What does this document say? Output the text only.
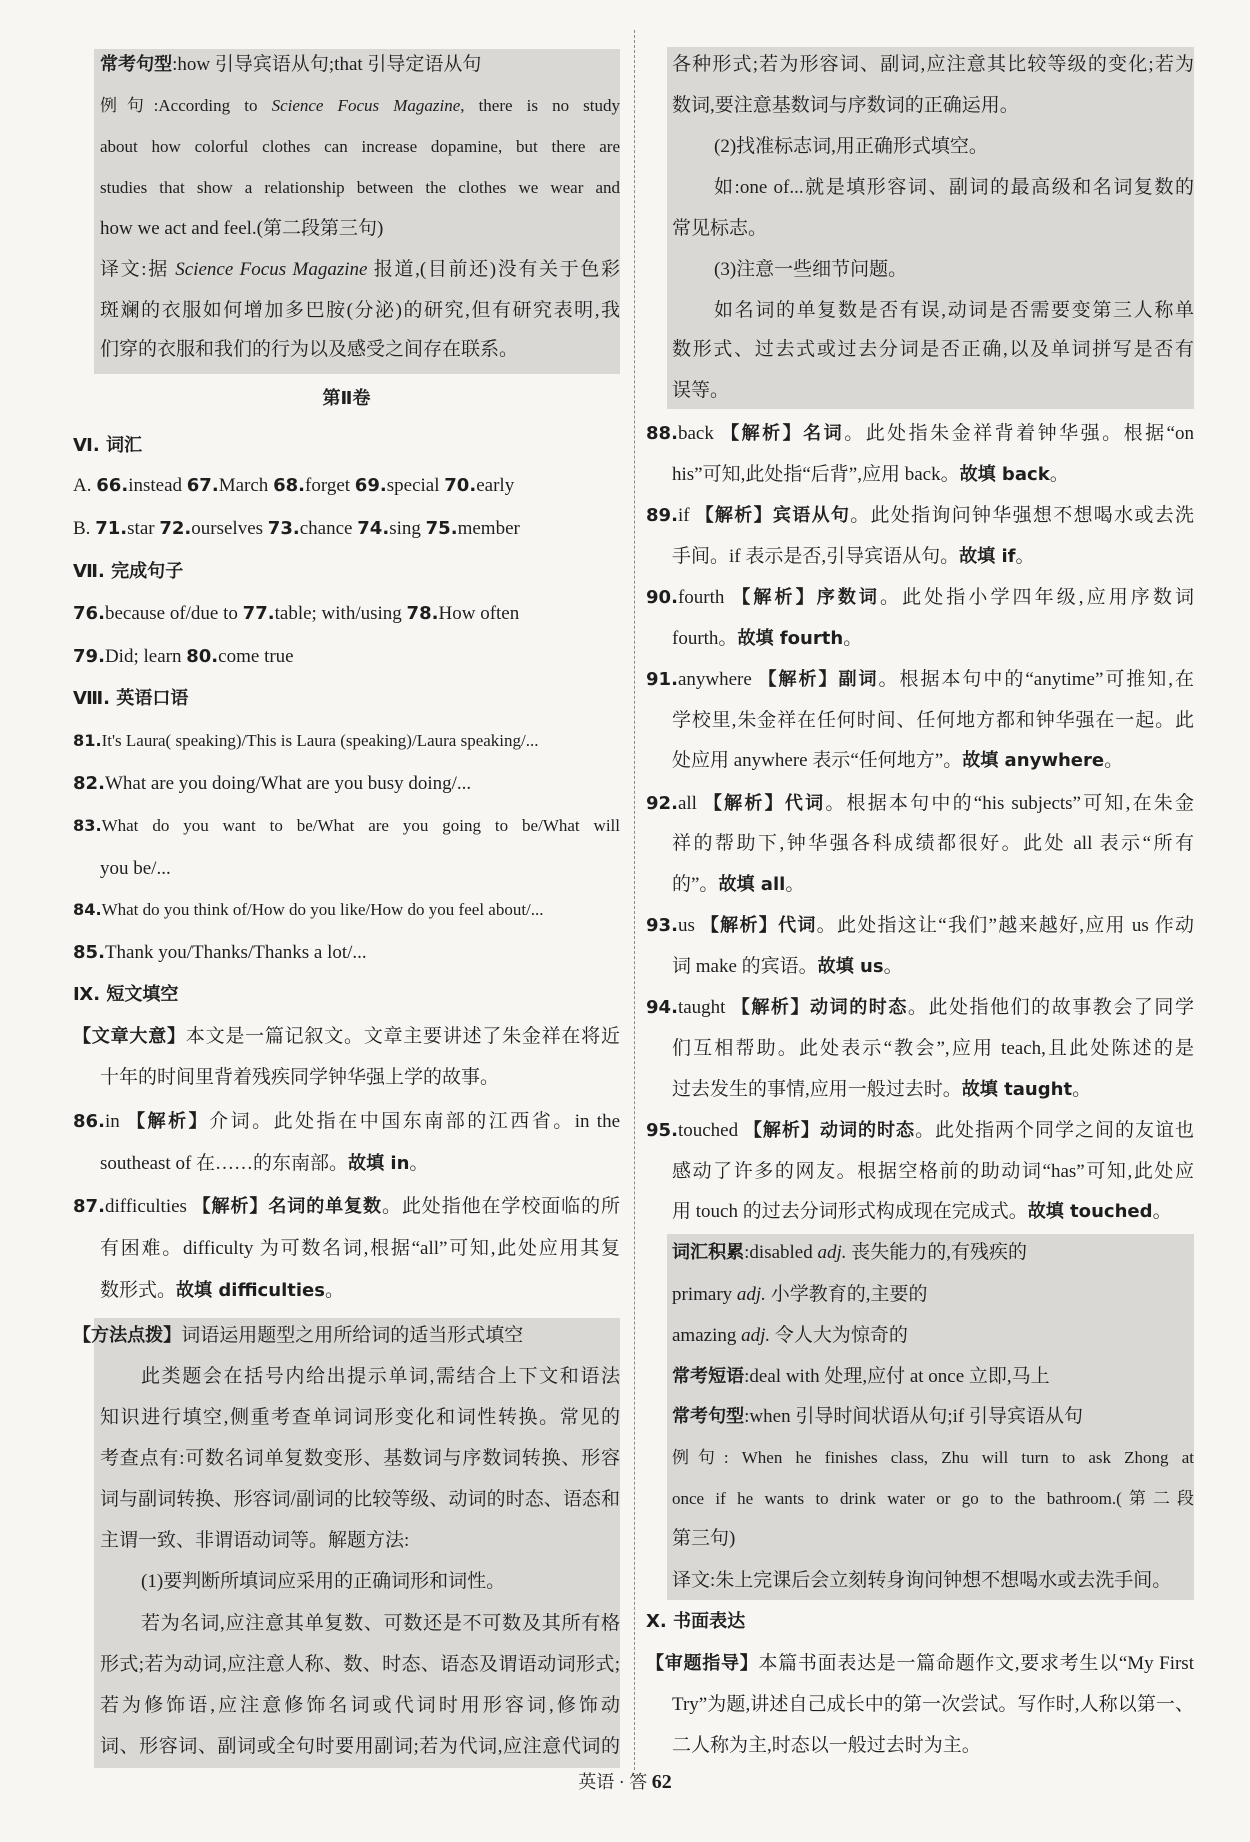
常考句型:how 引导宾语从句;that 引导定语从句
例句:According to Science Focus Magazine, there is no study
about how colorful clothes can increase dopamine, but there are
studies that show a relationship between the clothes we wear and
how we act and feel.(第二段第三句)
译文:据 Science Focus Magazine 报道,(目前还)没有关于色彩
斑斓的衣服如何增加多巴胺(分泌)的研究,但有研究表明,我
们穿的衣服和我们的行为以及感受之间存在联系。
第Ⅱ卷
Ⅵ. 词汇
A. 66.instead 67.March 68.forget 69.special 70.early
B. 71.star 72.ourselves 73.chance 74.sing 75.member
Ⅶ. 完成句子
76.because of/due to 77.table; with/using 78.How often
79.Did; learn 80.come true
Ⅷ. 英语口语
81.It's Laura( speaking)/This is Laura (speaking)/Laura speaking/...
82.What are you doing/What are you busy doing/...
83.What do you want to be/What are you going to be/What will
you be/...
84.What do you think of/How do you like/How do you feel about/...
85.Thank you/Thanks/Thanks a lot/...
Ⅸ. 短文填空
【文章大意】本文是一篇记叙文。文章主要讲述了朱金祥在将近
十年的时间里背着残疾同学钟华强上学的故事。
86.in 【解析】介词。此处指在中国东南部的江西省。in the
southeast of 在……的东南部。故填 in。
87.difficulties 【解析】名词的单复数。此处指他在学校面临的所
有困难。difficulty 为可数名词,根据“all”可知,此处应用其复
数形式。故填 difficulties。
【方法点拨】词语运用题型之用所给词的适当形式填空
此类题会在括号内给出提示单词,需结合上下文和语法
知识进行填空,侧重考查单词词形变化和词性转换。常见的
考查点有:可数名词单复数变形、基数词与序数词转换、形容
词与副词转换、形容词/副词的比较等级、动词的时态、语态和
主谓一致、非谓语动词等。解题方法:
(1)要判断所填词应采用的正确词形和词性。
若为名词,应注意其单复数、可数还是不可数及其所有格
形式;若为动词,应注意人称、数、时态、语态及谓语动词形式;
若为修饰语,应注意修饰名词或代词时用形容词,修饰动
词、形容词、副词或全句时要用副词;若为代词,应注意代词的
各种形式;若为形容词、副词,应注意其比较等级的变化;若为
数词,要注意基数词与序数词的正确运用。
(2)找准标志词,用正确形式填空。
如:one of...就是填形容词、副词的最高级和名词复数的
常见标志。
(3)注意一些细节问题。
如名词的单复数是否有误,动词是否需要变第三人称单
数形式、过去式或过去分词是否正确,以及单词拼写是否有
误等。
88.back 【解析】名词。此处指朱金祥背着钟华强。根据“on
his”可知,此处指“后背”,应用 back。故填 back。
89.if 【解析】宾语从句。此处指询问钟华强想不想喝水或去洗
手间。if 表示是否,引导宾语从句。故填 if。
90.fourth 【解析】序数词。此处指小学四年级,应用序数词
fourth。故填 fourth。
91.anywhere 【解析】副词。根据本句中的“anytime”可推知,在
学校里,朱金祥在任何时间、任何地方都和钟华强在一起。此
处应用 anywhere 表示“任何地方”。故填 anywhere。
92.all 【解析】代词。根据本句中的“his subjects”可知,在朱金
祥的帮助下,钟华强各科成绩都很好。此处 all 表示“所有
的”。故填 all。
93.us 【解析】代词。此处指这让“我们”越来越好,应用 us 作动
词 make 的宾语。故填 us。
94.taught 【解析】动词的时态。此处指他们的故事教会了同学
们互相帮助。此处表示“教会”,应用 teach,且此处陈述的是
过去发生的事情,应用一般过去时。故填 taught。
95.touched 【解析】动词的时态。此处指两个同学之间的友谊也
感动了许多的网友。根据空格前的助动词“has”可知,此处应
用 touch 的过去分词形式构成现在完成式。故填 touched。
词汇积累:disabled adj. 丧失能力的,有残疾的
primary adj. 小学教育的,主要的
amazing adj. 令人大为惊奇的
常考短语:deal with 处理,应付 at once 立即,马上
常考句型:when 引导时间状语从句;if 引导宾语从句
例句: When he finishes class, Zhu will turn to ask Zhong at
once if he wants to drink water or go to the bathroom.(第二段
第三句)
译文:朱上完课后会立刻转身询问钟想不想喝水或去洗手间。
Ⅹ. 书面表达
【审题指导】本篇书面表达是一篇命题作文,要求考生以“My First
Try”为题,讲述自己成长中的第一次尝试。写作时,人称以第一、
二人称为主,时态以一般过去时为主。
英语 · 答 62
